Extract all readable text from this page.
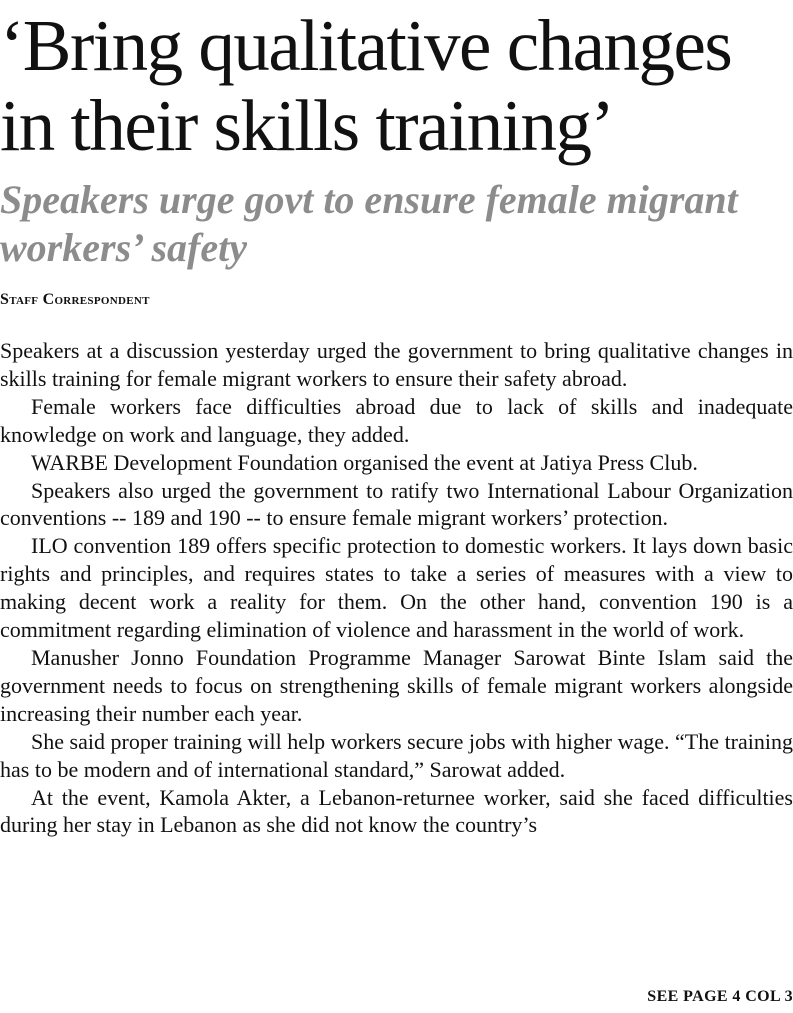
‘Bring qualitative changes in their skills training’
Speakers urge govt to ensure female migrant workers’ safety
Staff Correspondent

Speakers at a discussion yesterday urged the government to bring qualitative changes in skills training for female migrant workers to ensure their safety abroad.

Female workers face difficulties abroad due to lack of skills and inadequate knowledge on work and language, they added.

WARBE Development Foundation organised the event at Jatiya Press Club.

Speakers also urged the government to ratify two International Labour Organization conventions -- 189 and 190 -- to ensure female migrant workers’ protection.

ILO convention 189 offers specific protection to domestic workers. It lays down basic rights and principles, and requires states to take a series of measures with a view to making decent work a reality for them. On the other hand, convention 190 is a commitment regarding elimination of violence and harassment in the world of work.

Manusher Jonno Foundation Programme Manager Sarowat Binte Islam said the government needs to focus on strengthening skills of female migrant workers alongside increasing their number each year.

She said proper training will help workers secure jobs with higher wage. “The training has to be modern and of international standard,” Sarowat added.

At the event, Kamola Akter, a Lebanon-returnee worker, said she faced difficulties during her stay in Lebanon as she did not know the country’s

SEE PAGE 4 COL 3
